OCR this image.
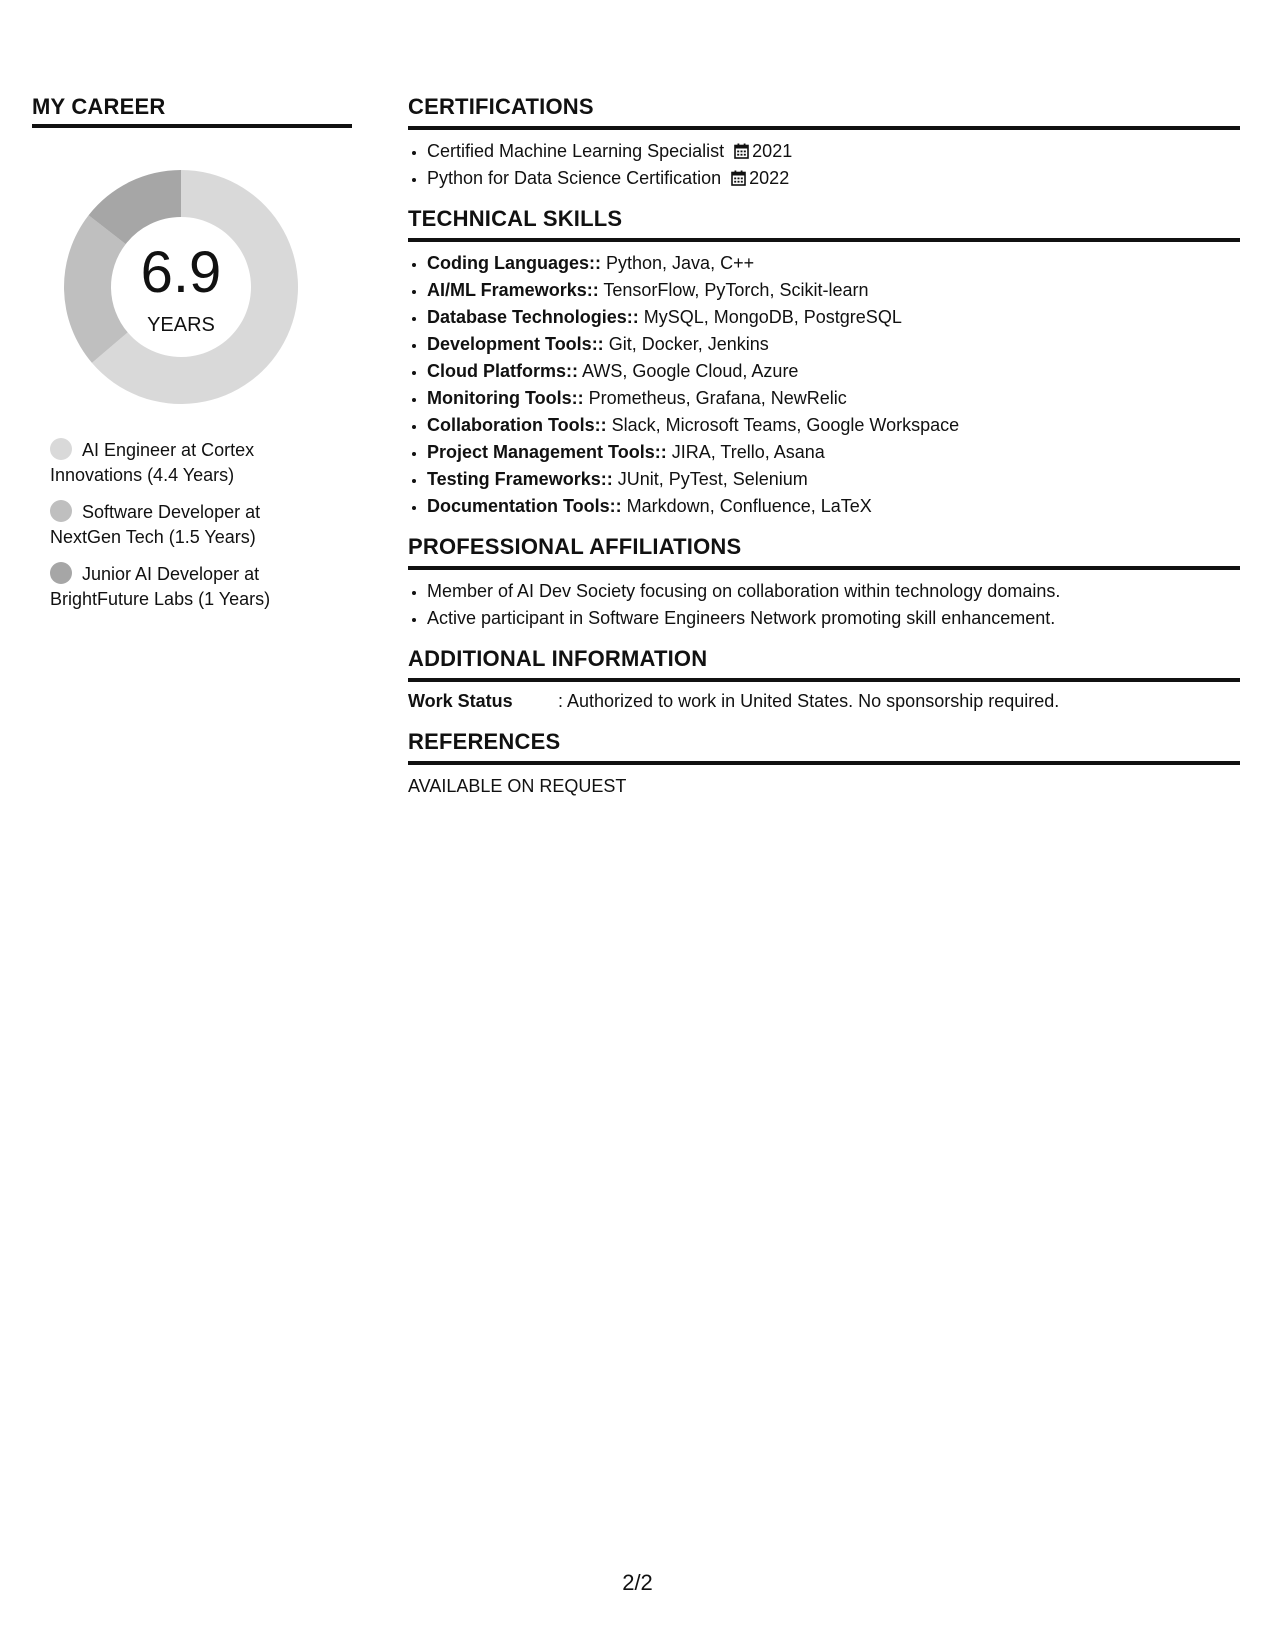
MY CAREER
6.9
YEARS
AI Engineer at Cortex Innovations (4.4 Years)
Software Developer at NextGen Tech (1.5 Years)
Junior AI Developer at BrightFuture Labs (1 Years)
CERTIFICATIONS
• Certified Machine Learning Specialist 2021
• Python for Data Science Certification 2022
TECHNICAL SKILLS
• Coding Languages:: Python, Java, C++
• AI/ML Frameworks:: TensorFlow, PyTorch, Scikit-learn
• Database Technologies:: MySQL, MongoDB, PostgreSQL
• Development Tools:: Git, Docker, Jenkins
• Cloud Platforms:: AWS, Google Cloud, Azure
• Monitoring Tools:: Prometheus, Grafana, NewRelic
• Collaboration Tools:: Slack, Microsoft Teams, Google Workspace
• Project Management Tools:: JIRA, Trello, Asana
• Testing Frameworks:: JUnit, PyTest, Selenium
• Documentation Tools:: Markdown, Confluence, LaTeX
PROFESSIONAL AFFILIATIONS
• Member of AI Dev Society focusing on collaboration within technology domains.
• Active participant in Software Engineers Network promoting skill enhancement.
ADDITIONAL INFORMATION
Work Status	: Authorized to work in United States. No sponsorship required.
REFERENCES
AVAILABLE ON REQUEST
2/2
